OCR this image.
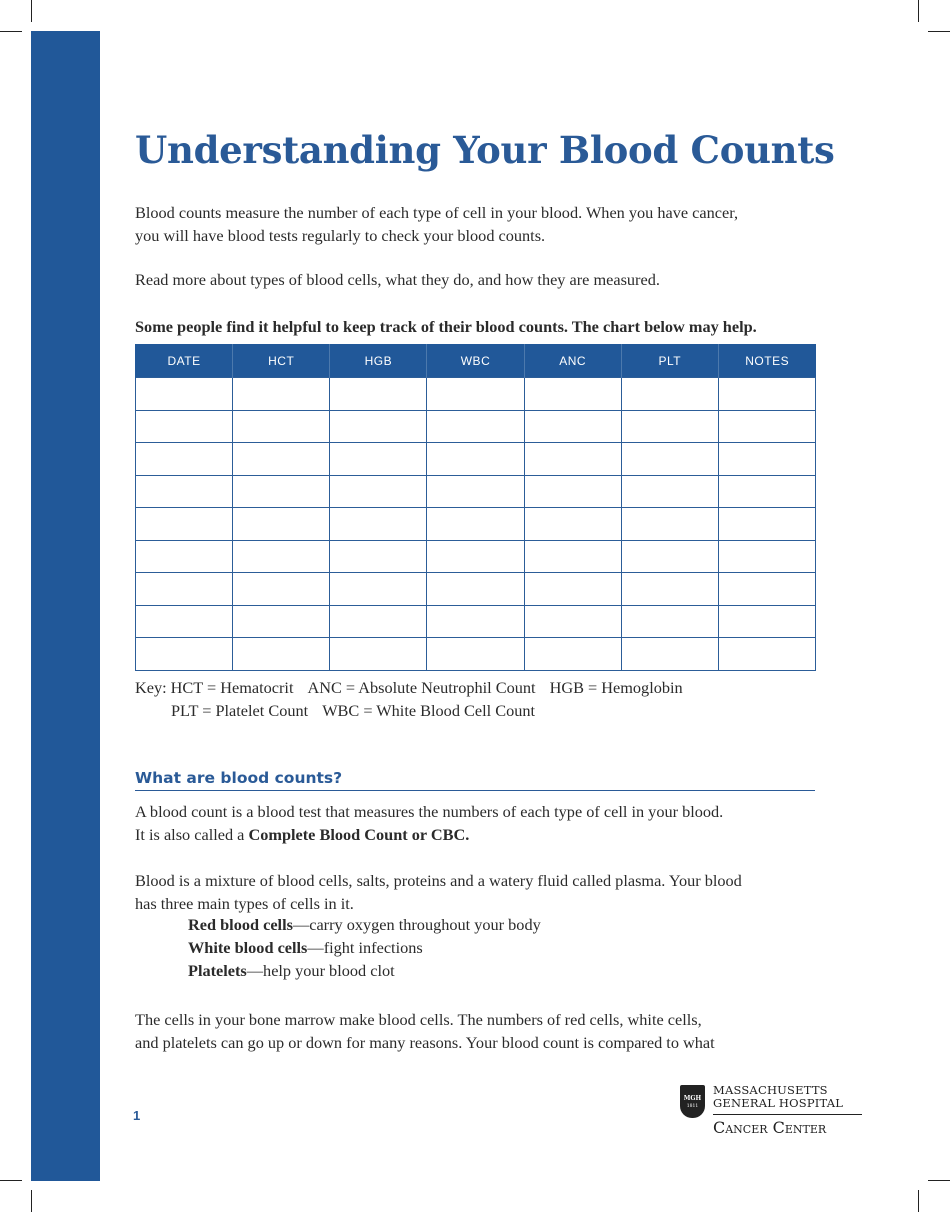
Understanding Your Blood Counts

Blood counts measure the number of each type of cell in your blood. When you have cancer,
you will have blood tests regularly to check your blood counts.

Read more about types of blood cells, what they do, and how they are measured.

Some people find it helpful to keep track of their blood counts. The chart below may help.

DATE	HCT	HGB	WBC	ANC	PLT	NOTES

Key: HCT = Hematocrit ANC = Absolute Neutrophil Count HGB = Hemoglobin
PLT = Platelet Count WBC = White Blood Cell Count
What are blood counts?

A blood count is a blood test that measures the numbers of each type of cell in your blood.
It is also called a Complete Blood Count or CBC.

Blood is a mixture of blood cells, salts, proteins and a watery fluid called plasma. Your blood
has three main types of cells in it.

Red blood cells—carry oxygen throughout your body
White blood cells—fight infections
Platelets—help your blood clot

The cells in your bone marrow make blood cells. The numbers of red cells, white cells,
and platelets can go up or down for many reasons. Your blood count is compared to what

1
MGH
1811
MASSACHUSETTS
GENERAL HOSPITAL
Cancer Center
